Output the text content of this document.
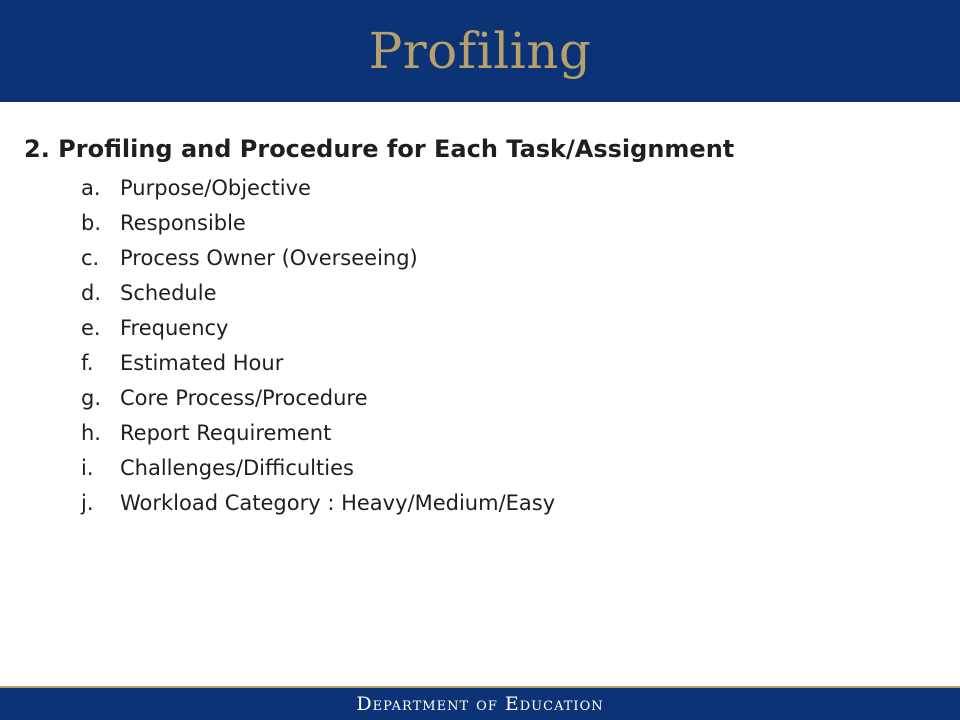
Profiling

2. Profiling and Procedure for Each Task/Assignment

a. Purpose/Objective
b. Responsible
c. Process Owner (Overseeing)
d. Schedule
e. Frequency
f.	Estimated Hour
g. Core Process/Procedure
h. Report Requirement
i.	Challenges/Difficulties
j.	Workload Category : Heavy/Medium/Easy
Department of Education
